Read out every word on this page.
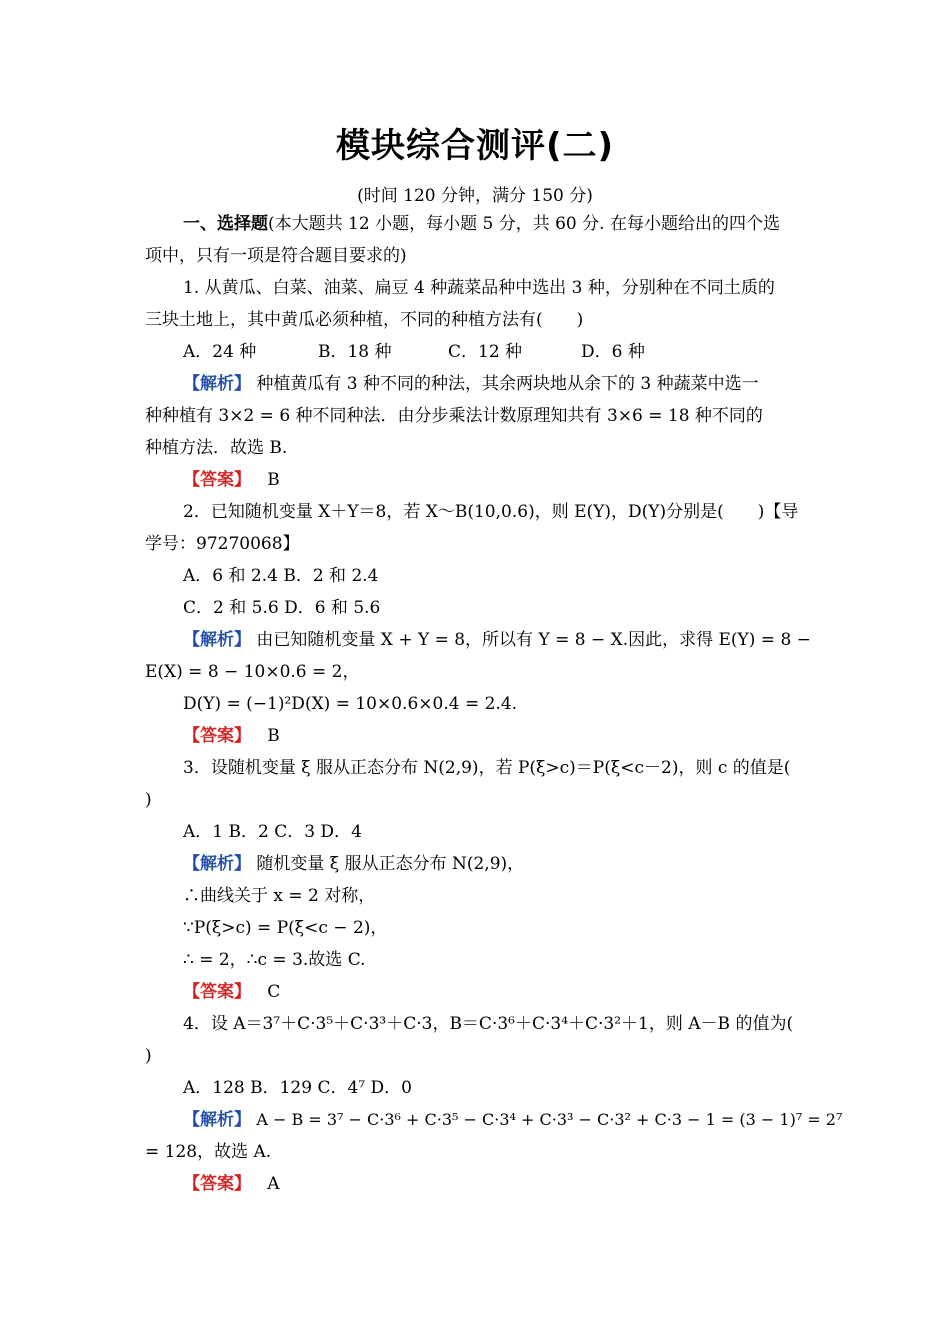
模块综合测评(二)
(时间 120 分钟，满分 150 分)
一、选择题(本大题共 12 小题，每小题 5 分，共 60 分. 在每小题给出的四个选
项中，只有一项是符合题目要求的)
1. 从黄瓜、白菜、油菜、扁豆 4 种蔬菜品种中选出 3 种，分别种在不同土质的
三块土地上，其中黄瓜必须种植，不同的种植方法有(　　)
A．24 种	B．18 种	C．12 种	D．6 种
【解析】 种植黄瓜有 3 种不同的种法，其余两块地从余下的 3 种蔬菜中选一
种种植有 3×2 = 6 种不同种法．由分步乘法计数原理知共有 3×6 = 18 种不同的
种植方法．故选 B.
【答案】 B
2．已知随机变量 X＋Y＝8，若 X～B(10,0.6)，则 E(Y)，D(Y)分别是(　　)【导
学号：97270068】
A．6 和 2.4 B．2 和 2.4
C．2 和 5.6 D．6 和 5.6
【解析】 由已知随机变量 X + Y = 8，所以有 Y = 8 − X.因此，求得 E(Y) = 8 −
E(X) = 8 − 10×0.6 = 2，
D(Y) = (−1)²D(X) = 10×0.6×0.4 = 2.4.
【答案】 B
3．设随机变量 ξ 服从正态分布 N(2,9)，若 P(ξ>c)＝P(ξ<c－2)，则 c 的值是(
)
A．1 B．2 C．3 D．4
【解析】 随机变量 ξ 服从正态分布 N(2,9)，
∴曲线关于 x = 2 对称，
∵P(ξ>c) = P(ξ<c − 2)，
∴ = 2，∴c = 3.故选 C.
【答案】 C
4．设 A＝3⁷＋C·3⁵＋C·3³＋C·3，B＝C·3⁶＋C·3⁴＋C·3²＋1，则 A－B 的值为(
)
A．128 B．129 C．4⁷ D．0
【解析】 A − B = 3⁷ − C·3⁶ + C·3⁵ − C·3⁴ + C·3³ − C·3² + C·3 − 1 = (3 − 1)⁷ = 2⁷
= 128，故选 A.
【答案】 A
